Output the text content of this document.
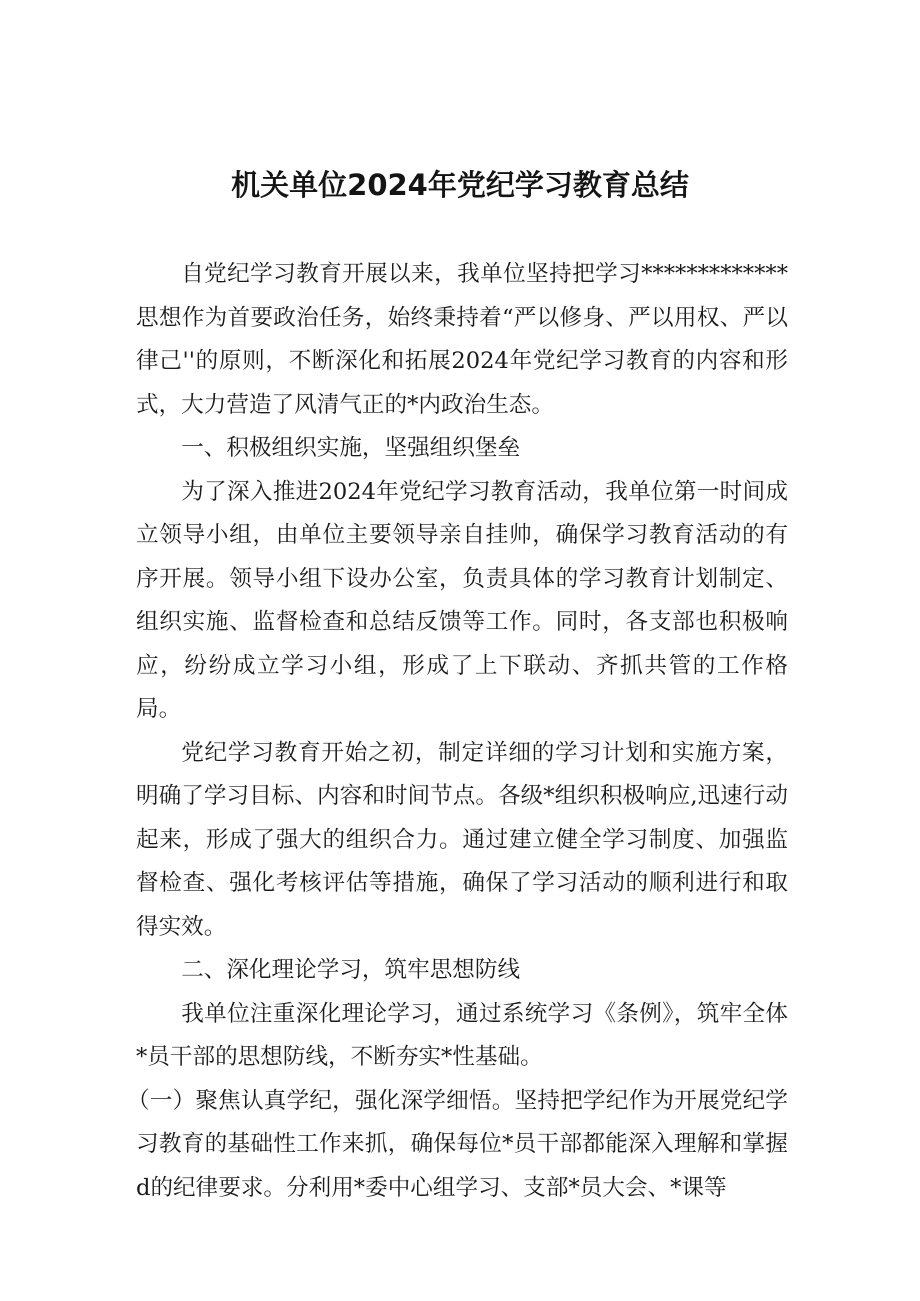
机关单位2024年党纪学习教育总结

自党纪学习教育开展以来，我单位坚持把学习*************思想作为首要政治任务，始终秉持着“严以修身、严以用权、严以律己''的原则，不断深化和拓展2024年党纪学习教育的内容和形式，大力营造了风清气正的*内政治生态。

一、积极组织实施，坚强组织堡垒

为了深入推进2024年党纪学习教育活动，我单位第一时间成立领导小组，由单位主要领导亲自挂帅，确保学习教育活动的有序开展。领导小组下设办公室，负责具体的学习教育计划制定、组织实施、监督检查和总结反馈等工作。同时，各支部也积极响应，纷纷成立学习小组，形成了上下联动、齐抓共管的工作格局。

党纪学习教育开始之初，制定详细的学习计划和实施方案，明确了学习目标、内容和时间节点。各级*组织积极响应,迅速行动起来，形成了强大的组织合力。通过建立健全学习制度、加强监督检查、强化考核评估等措施，确保了学习活动的顺利进行和取得实效。

二、深化理论学习，筑牢思想防线

我单位注重深化理论学习，通过系统学习《条例》，筑牢全体*员干部的思想防线，不断夯实*性基础。

（一）聚焦认真学纪，强化深学细悟。坚持把学纪作为开展党纪学习教育的基础性工作来抓，确保每位*员干部都能深入理解和掌握d的纪律要求。分利用*委中心组学习、支部*员大会、*课等
